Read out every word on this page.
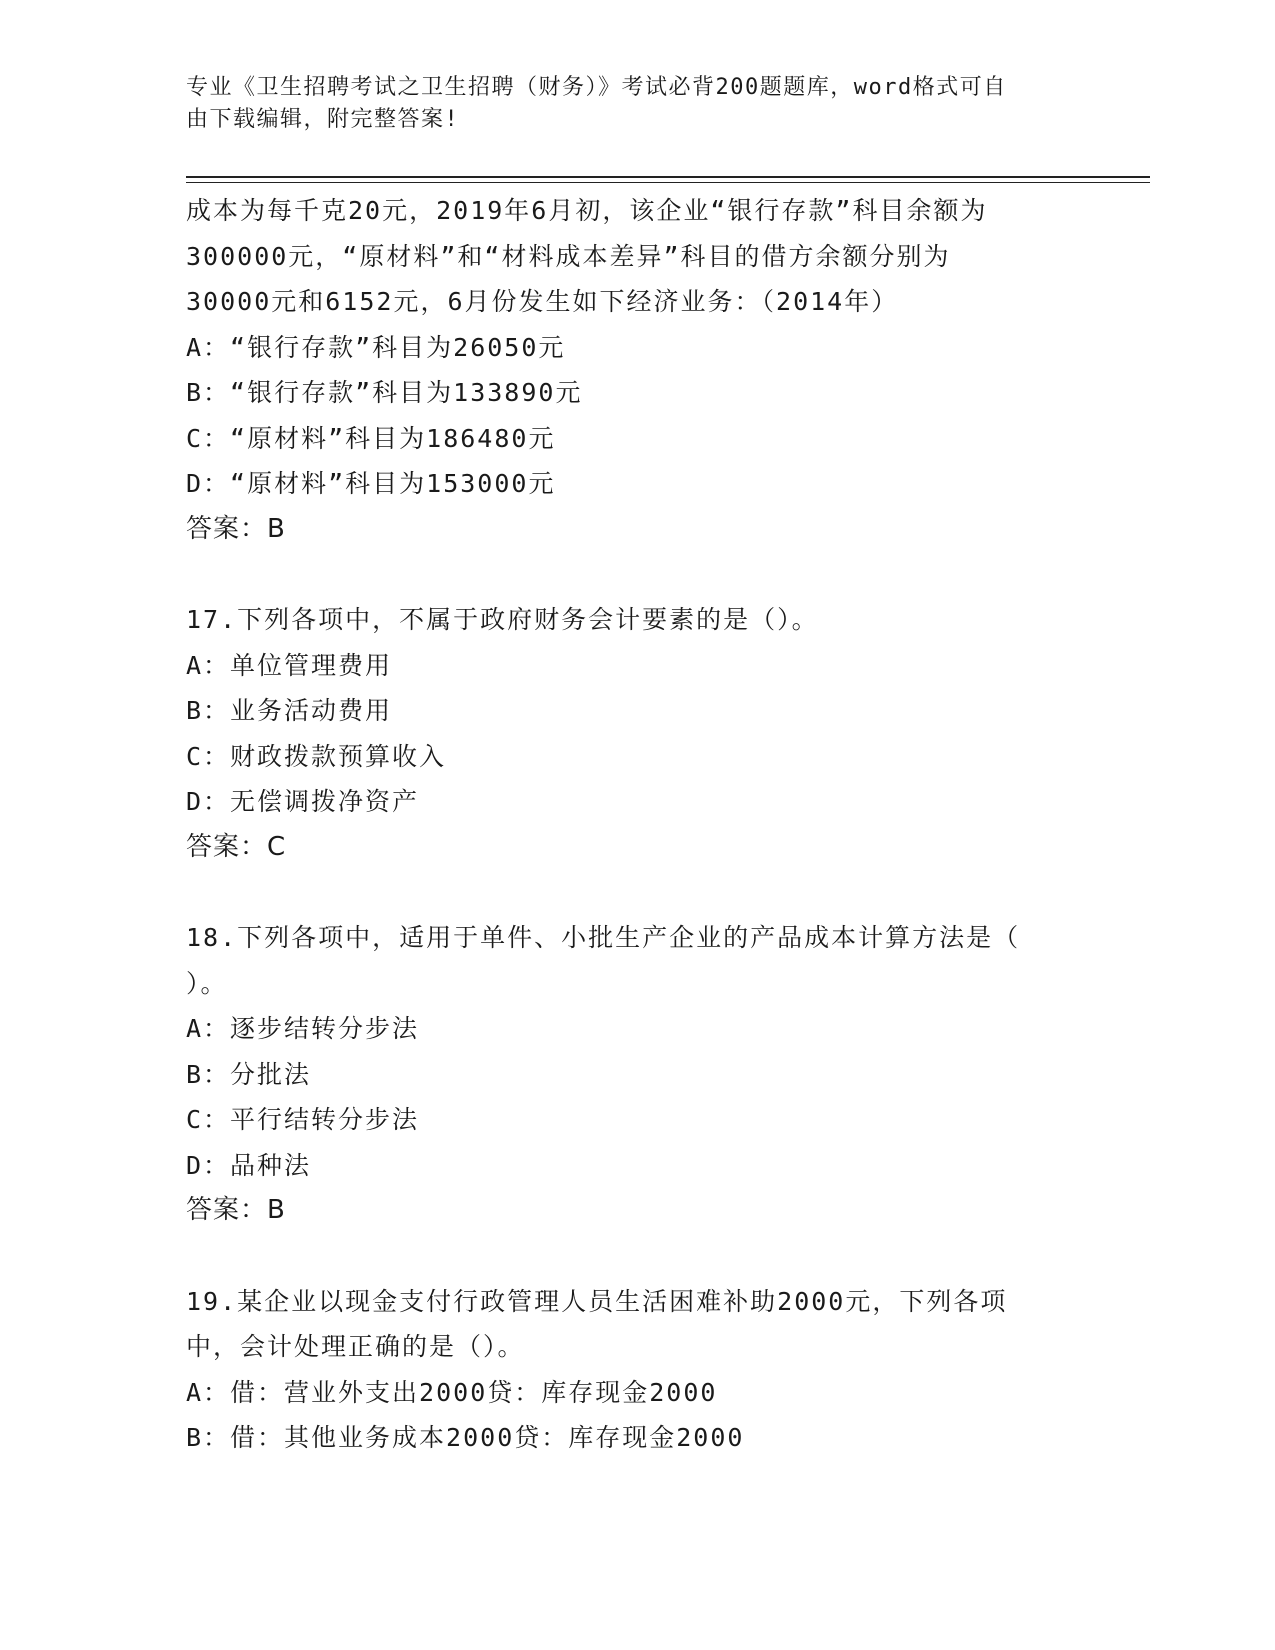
专业《卫生招聘考试之卫生招聘（财务）》考试必背200题题库，word格式可自
由下载编辑，附完整答案!
成本为每千克20元，2019年6月初，该企业“银行存款”科目余额为
300000元，“原材料”和“材料成本差异”科目的借方余额分别为
30000元和6152元，6月份发生如下经济业务：（2014年）
A：“银行存款”科目为26050元
B：“银行存款”科目为133890元
C：“原材料”科目为186480元
D：“原材料”科目为153000元
答案：B
17.下列各项中，不属于政府财务会计要素的是（）。
A：单位管理费用
B：业务活动费用
C：财政拨款预算收入
D：无偿调拨净资产
答案：C
18.下列各项中，适用于单件、小批生产企业的产品成本计算方法是（
）。
A：逐步结转分步法
B：分批法
C：平行结转分步法
D：品种法
答案：B
19.某企业以现金支付行政管理人员生活困难补助2000元，下列各项
中，会计处理正确的是（）。
A：借：营业外支出2000贷：库存现金2000
B：借：其他业务成本2000贷：库存现金2000
